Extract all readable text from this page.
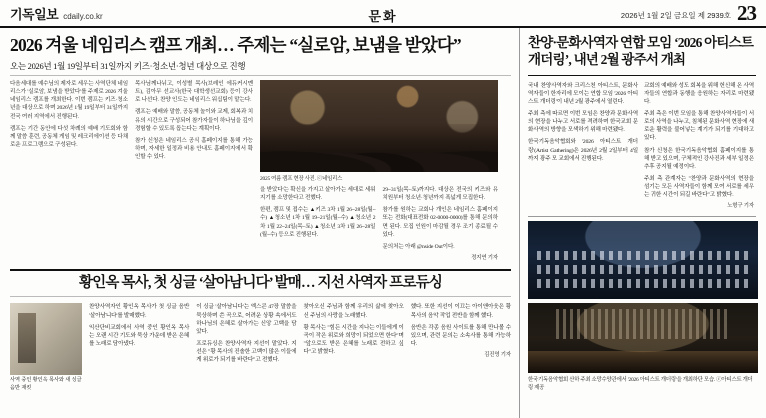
기독일보 cdaily.co.kr	문화	2026년 1월 2일 금요일 제 2939호 23
2026 겨울 네임리스 캠프 개최… 주제는 “실로암, 보냄을 받았다”
오는 2026년 1월 19일부터 31일까지 키즈·청소년·청년 대상으로 진행

다음세대를 예수님의 제자로 세우는 사역단체 네임리스가 '실로암, 보냄을 받았다'를 주제로 2026 겨울 네임리스 캠프를 개최한다. 이번 캠프는 키즈·청소년을 대상으로 하며 2026년 1월 19일부터 31일까지 전국 여러 지역에서 진행된다.

캠프는 기간 동안에 다섯 차례의 예배 기도회와 함께 말씀 훈련, 공동체 게임 및 레크리에이션 등 다채로운 프로그램으로 구성된다.

목사님께나뉘고, 이성별 목사(브레인 에듀커시멘트), 김아무 선교사(한국 대학생선교회) 등이 강사로 나선다. 찬양 인도는 네임리스 워십팀이 맡는다.

캠프는 예배와 말씀, 공동체 놀이와 교제, 회복과 치유의 시간으로 구성되어 참가자들이 하나님을 깊이 경험할 수 있도록 돕는다는 계획이다.

참가 신청은 네임리스 공식 홈페이지를 통해 가능하며, 자세한 일정과 비용 안내도 홈페이지에서 확인할 수 있다.

2025 여름 캠프 현장 사진. ⓒ네임리스

을 받았다'는 확신을 가지고 살아가는 세대로 세워지기를 소망한다고 전했다.

한편, 캠프 및 접수는 ▲키즈 3차 1월 26~28일(월~수) ▲청소년 1차 1월 19~21일(월~수) ▲청소년 2차 1월 22~24일(목~토) ▲청소년 3차 1월 26~28일(월~수) 등으로 진행된다.

29~31일(목~토)까지다. 대상은 전국의 키즈와 유치원부터 청소년·청년까지 폭넓게 모집한다.

참가를 원하는 교회나 개인은 네임리스 홈페이지 또는 전화(대표전화 02-0000-0000)를 통해 문의하면 된다. 모집 인원이 마감될 경우 조기 종료될 수 있다.

문의처는 아래 @nside Out이다.

정지연 기자
황인옥 목사, 첫 싱글 ‘살아남니다’ 발매… 지선 사역자 프로듀싱
사역 중인 황인옥 목사와 새 싱글 음반 재킷

찬양사역자인 황인옥 목사가 첫 싱글 음반 '살아남니다'를 발매했다.

익산단비교회에서 사역 중인 황인옥 목사는 오랜 시간 기도와 묵상 가운데 받은 은혜를 노래로 담아냈다.

이 싱글 '살아남니다'는 엑스콘 47장 말씀을 묵상하며 쓴 곡으로, 어려운 상황 속에서도 하나님의 은혜로 살아가는 신앙 고백을 담았다.

프로듀싱은 찬양사역자 지선이 맡았다. 지선은 "황 목사의 진솔한 고백이 많은 이들에게 위로가 되기를 바란다"고 전했다.

찾아오신 주님과 함께 우리의 삶에 찾아오신 주님의 사랑을 노래했다.

황 목사는 "힘든 시간을 지나는 이들에게 이 곡이 작은 위로와 희망이 되었으면 한다"며 "앞으로도 받은 은혜를 노래로 전하고 싶다"고 밝혔다.

했다. 또한 지선이 이끄는 아이앤아웃은 황 목사의 음악 작업 전반을 함께 했다.

음반은 각종 음원 사이트를 통해 만나볼 수 있으며, 관련 문의는 소속사를 통해 가능하다.

김진영 기자
찬양·문화사역자 연합 모임 ‘2026 아티스트 개더링’, 내년 2월 광주서 개최

국내 찬양사역자와 크리스천 아티스트, 문화사역자들이 한자리에 모이는 연합 모임 '2026 아티스트 개더링'이 내년 2월 광주에서 열린다.

주최 측에 따르면 이번 모임은 찬양과 문화사역의 현장을 나누고 서로를 격려하며 한국교회 문화사역의 방향을 모색하기 위해 마련됐다.

한국기독음악협회와 '2026 아티스트 개더링'(Artist Gathering)은 2026년 2월 2일부터 4일까지 광주 모 교회에서 진행된다.

교회의 예배와 성도 회복을 위해 헌신해 온 사역자들의 연합과 동행을 응원하는 자리로 마련됐다.

주최 측은 이번 모임을 통해 찬양사역자들이 서로의 사역을 나누고, 침체된 문화사역 현장에 새로운 활력을 불어넣는 계기가 되기를 기대하고 있다.

참가 신청은 한국기독음악협회 홈페이지를 통해 받고 있으며, 구체적인 강사진과 세부 일정은 추후 공지될 예정이다.

주최 측 관계자는 "찬양과 문화사역의 현장을 섬기는 모든 사역자들이 함께 모여 서로를 세우는 귀한 시간이 되길 바란다"고 밝혔다.

노형구 기자
한국기독음악협회 산하 주최 소망수양관에서 '2026 아티스트 개더링'을 개최하단 모습. ⓒ아티스트 개더링 제공
